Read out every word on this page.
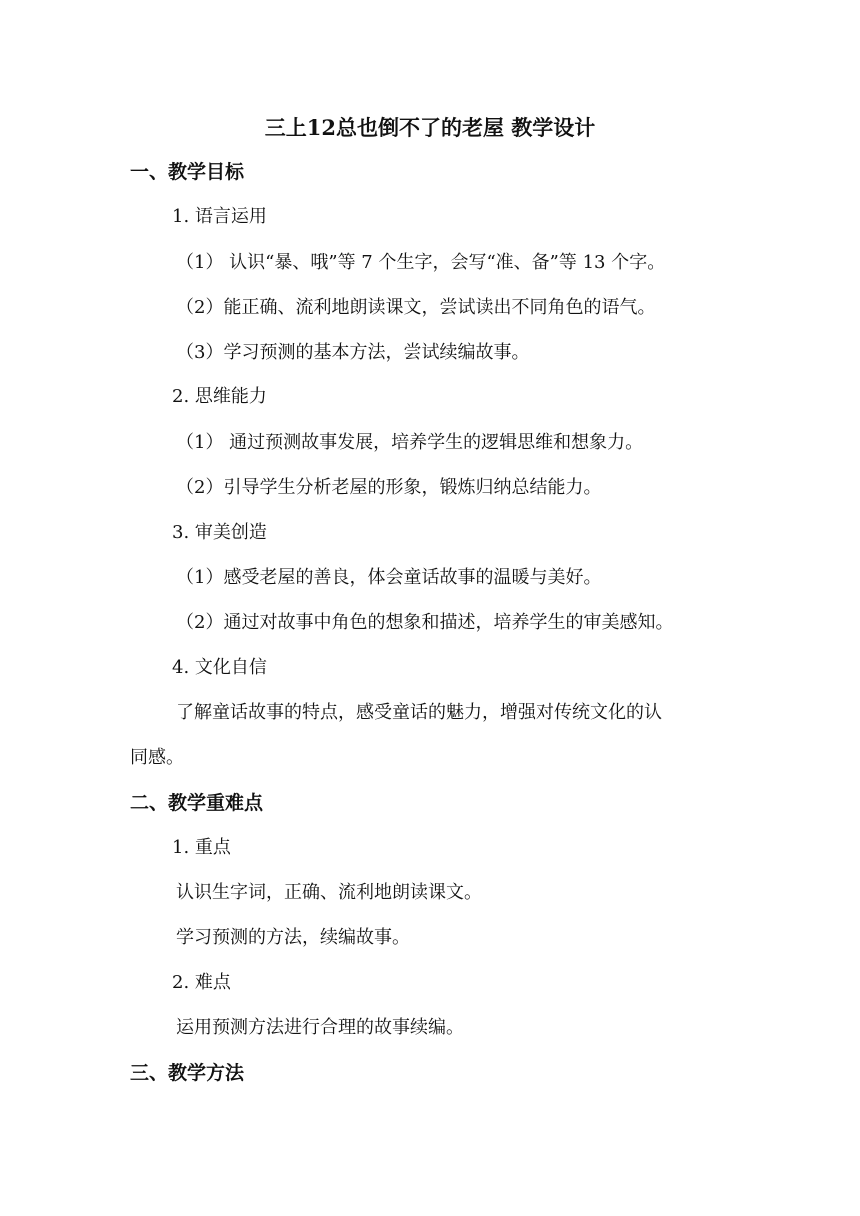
三上12总也倒不了的老屋 教学设计
一、教学目标
1. 语言运用
（1） 认识“暴、哦”等 7 个生字，会写“准、备”等 13 个字。
（2）能正确、流利地朗读课文，尝试读出不同角色的语气。
（3）学习预测的基本方法，尝试续编故事。
2. 思维能力
（1） 通过预测故事发展，培养学生的逻辑思维和想象力。
（2）引导学生分析老屋的形象，锻炼归纳总结能力。
3. 审美创造
（1）感受老屋的善良，体会童话故事的温暖与美好。
（2）通过对故事中角色的想象和描述，培养学生的审美感知。
4. 文化自信
了解童话故事的特点，感受童话的魅力，增强对传统文化的认
同感。
二、教学重难点
1. 重点
认识生字词，正确、流利地朗读课文。
学习预测的方法，续编故事。
2. 难点
运用预测方法进行合理的故事续编。
三、教学方法
